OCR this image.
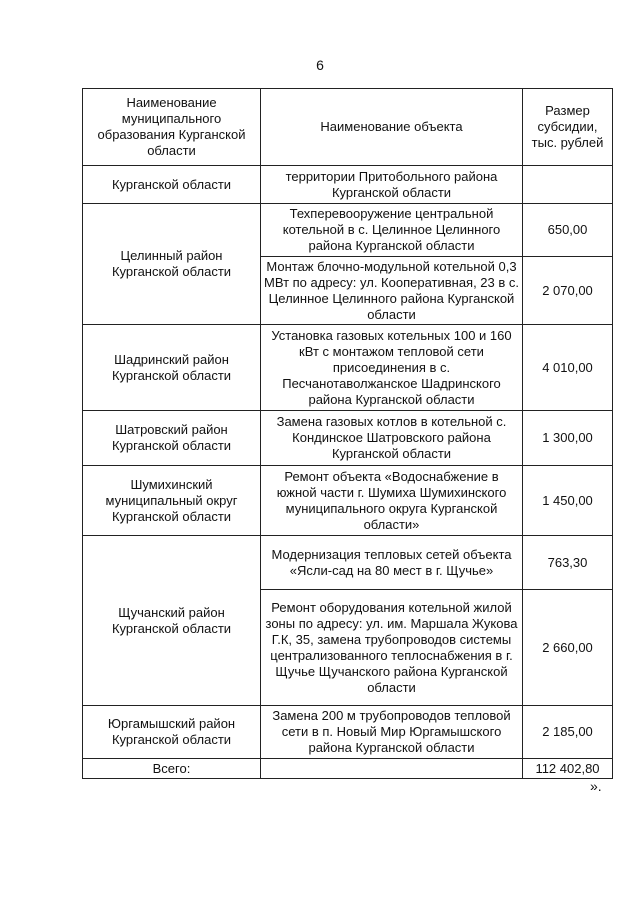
6
Наименование муниципального образования Курганской области	Наименование объекта	Размер субсидии, тыс. рублей
Курганской области	территории Притобольного района Курганской области	
Целинный район Курганской области	Техперевооружение центральной котельной в с. Целинное Целинного района Курганской области	650,00
	Монтаж блочно-модульной котельной 0,3 МВт по адресу: ул. Кооперативная, 23 в с. Целинное Целинного района Курганской области	2 070,00
Шадринский район Курганской области	Установка газовых котельных 100 и 160 кВт с монтажом тепловой сети присоединения в с. Песчанотаволжанское Шадринского района Курганской области	4 010,00
Шатровский район Курганской области	Замена газовых котлов в котельной с. Кондинское Шатровского района Курганской области	1 300,00
Шумихинский муниципальный округ Курганской области	Ремонт объекта «Водоснабжение в южной части г. Шумиха Шумихинского муниципального округа Курганской области»	1 450,00
Щучанский район Курганской области	Модернизация тепловых сетей объекта «Ясли-сад на 80 мест в г. Щучье»	763,30
	Ремонт оборудования котельной жилой зоны по адресу: ул. им. Маршала Жукова Г.К, 35, замена трубопроводов системы централизованного теплоснабжения в г. Щучье Щучанского района Курганской области	2 660,00
Юргамышский район Курганской области	Замена 200 м трубопроводов тепловой сети в п. Новый Мир Юргамышского района Курганской области	2 185,00
Всего:		112 402,80
».
